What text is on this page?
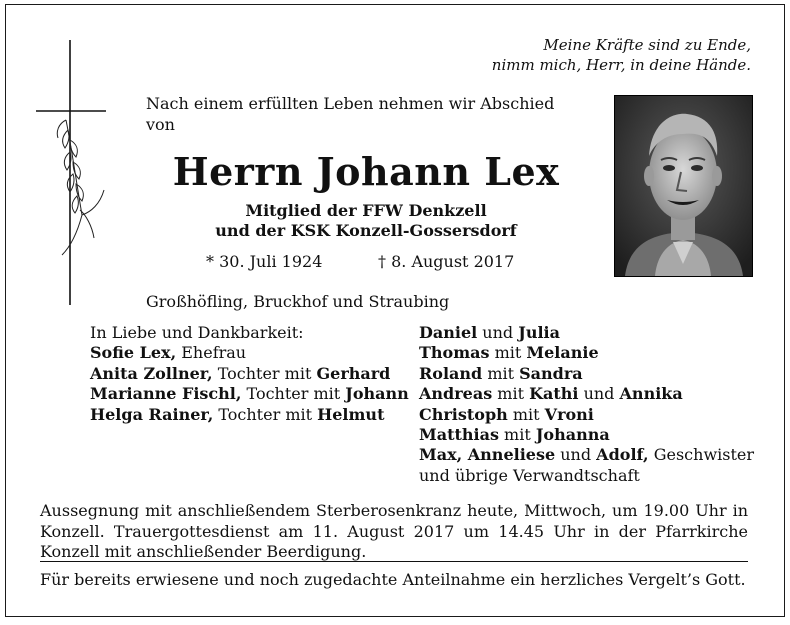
Meine Kräfte sind zu Ende,
nimm mich, Herr, in deine Hände.
Nach einem erfüllten Leben nehmen wir Abschied
von
Herrn Johann Lex
Mitglied der FFW Denkzell
und der KSK Konzell-Gossersdorf
* 30. Juli 1924	† 8. August 2017
Großhöfling, Bruckhof und Straubing
In Liebe und Dankbarkeit:
Sofie Lex, Ehefrau
Anita Zollner, Tochter mit Gerhard
Marianne Fischl, Tochter mit Johann
Helga Rainer, Tochter mit Helmut
Daniel und Julia
Thomas mit Melanie
Roland mit Sandra
Andreas mit Kathi und Annika
Christoph mit Vroni
Matthias mit Johanna
Max, Anneliese und Adolf, Geschwister
und übrige Verwandtschaft
Aussegnung mit anschließendem Sterberosenkranz heute, Mittwoch, um 19.00 Uhr in
Konzell. Trauergottesdienst am 11. August 2017 um 14.45 Uhr in der Pfarrkirche
Konzell mit anschließender Beerdigung.
Für bereits erwiesene und noch zugedachte Anteilnahme ein herzliches Vergelt’s Gott.
